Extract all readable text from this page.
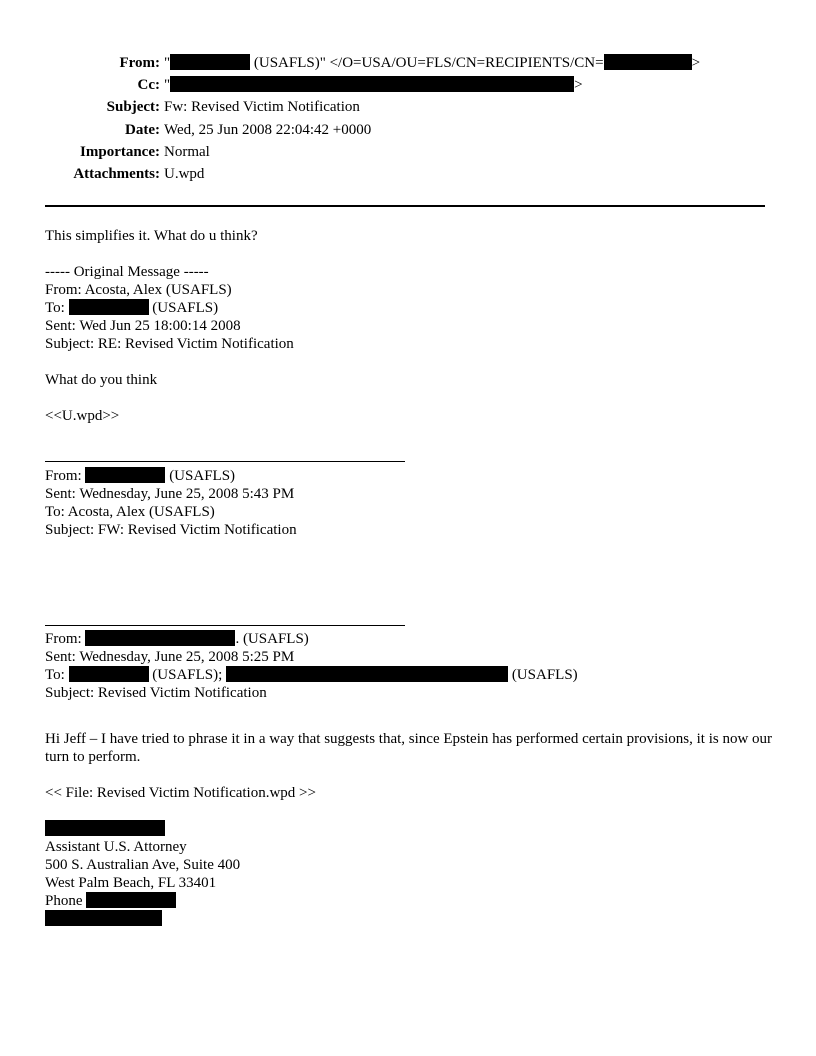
From: "	(USAFLS)" </O=USA/OU=FLS/CN=RECIPIENTS/CN=	>
Cc: "	>
Subject: Fw: Revised Victim Notification
Date: Wed, 25 Jun 2008 22:04:42 +0000
Importance: Normal
Attachments: U.wpd
This simplifies it. What do u think?
----- Original Message -----
From: Acosta, Alex (USAFLS)
To:	(USAFLS)
Sent: Wed Jun 25 18:00:14 2008
Subject: RE: Revised Victim Notification
What do you think
<<U.wpd>>
From:	(USAFLS)
Sent: Wednesday, June 25, 2008 5:43 PM
To: Acosta, Alex (USAFLS)
Subject: FW: Revised Victim Notification
From:	. (USAFLS)
Sent: Wednesday, June 25, 2008 5:25 PM
To:	(USAFLS);	(USAFLS)
Subject: Revised Victim Notification
Hi Jeff – I have tried to phrase it in a way that suggests that, since Epstein has performed certain provisions, it is now our turn to perform.
<< File: Revised Victim Notification.wpd >>
Assistant U.S. Attorney
500 S. Australian Ave, Suite 400
West Palm Beach, FL 33401
Phone
